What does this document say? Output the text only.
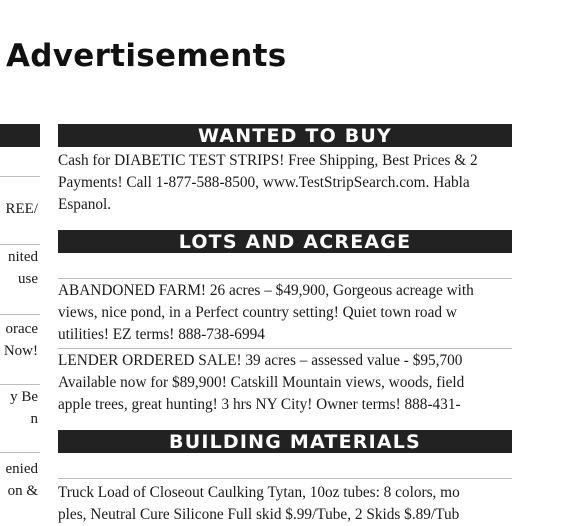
Advertisements
REE/
nited
use
orace
Now!
y Be
n
enied
on &
WANTED TO BUY

Cash for DIABETIC TEST STRIPS! Free Shipping, Best Prices & 2

Payments! Call 1-877-588-8500, www.TestStripSearch.com. Habla

Espanol.

LOTS AND ACREAGE

ABANDONED FARM! 26 acres – $49,900, Gorgeous acreage with

views, nice pond, in a Perfect country setting! Quiet town road w

utilities! EZ terms! 888-738-6994

LENDER ORDERED SALE! 39 acres – assessed value - $95,700

Available now for $89,900! Catskill Mountain views, woods, field

apple trees, great hunting! 3 hrs NY City! Owner terms! 888-431-

BUILDING MATERIALS

Truck Load of Closeout Caulking Tytan, 10oz tubes: 8 colors, mo

ples, Neutral Cure Silicone Full skid $.99/Tube, 2 Skids $.89/Tub
